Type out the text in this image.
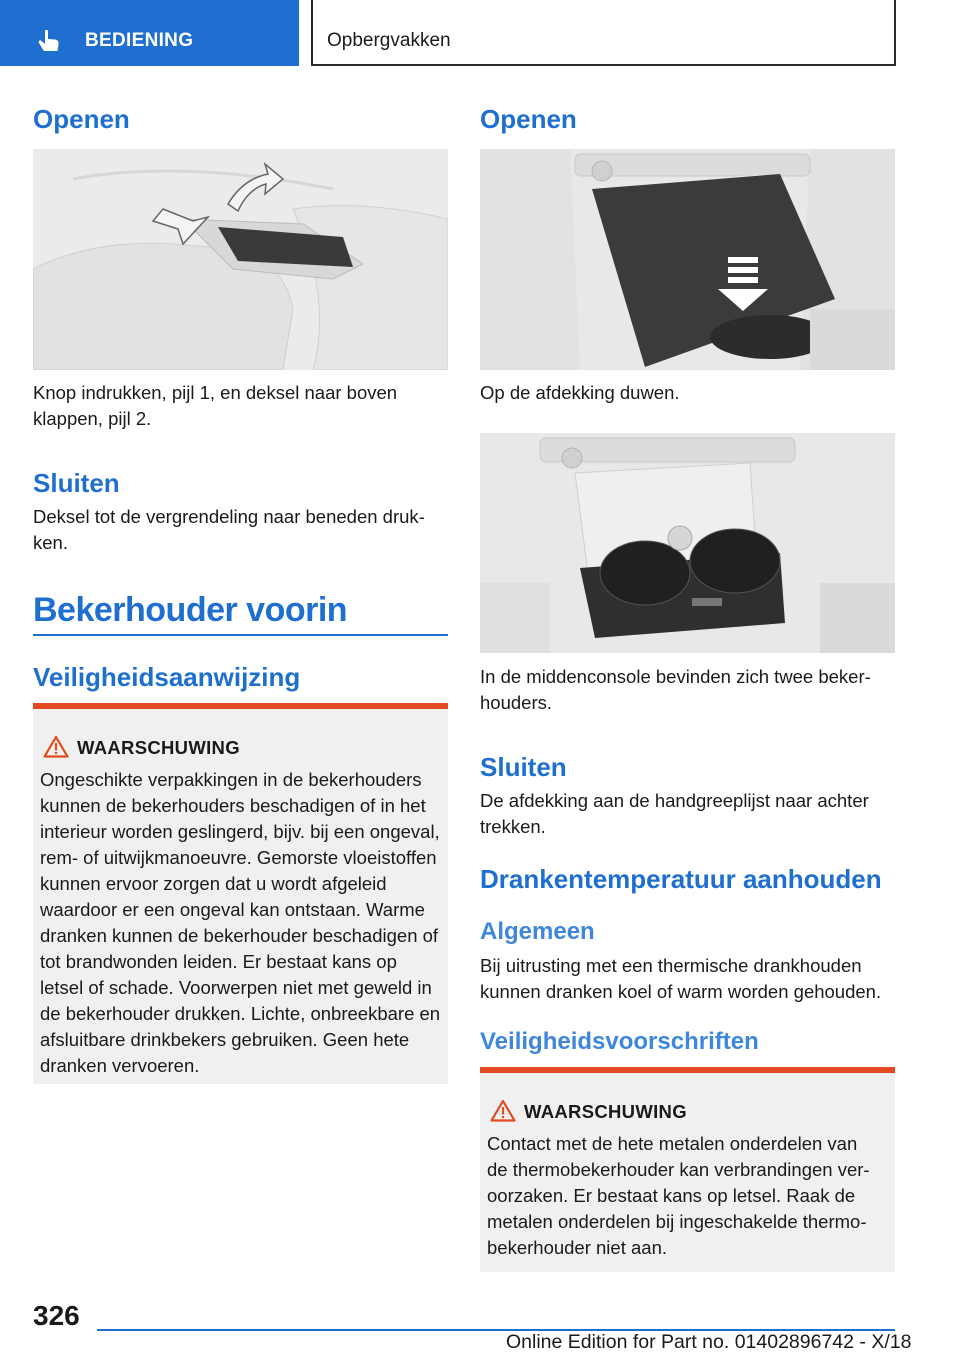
BEDIENING	Opbergvakken
Openen
Knop indrukken, pijl 1, en deksel naar boven klappen, pijl 2.
Sluiten
Deksel tot de vergrendeling naar beneden drukken.
Bekerhouder voorin
Veiligheidsaanwijzing
WAARSCHUWING
Ongeschikte verpakkingen in de bekerhouders kunnen de bekerhouders beschadigen of in het interieur worden geslingerd, bijv. bij een ongeval, rem- of uitwijkmanoeuvre. Gemorste vloeistoffen kunnen ervoor zorgen dat u wordt afgeleid waardoor er een ongeval kan ontstaan. Warme dranken kunnen de bekerhouder beschadigen of tot brandwonden leiden. Er bestaat kans op letsel of schade. Voorwerpen niet met geweld in de bekerhouder drukken. Lichte, onbreekbare en afsluitbare drinkbekers gebruiken. Geen hete dranken vervoeren.
Openen
Op de afdekking duwen.
In de middenconsole bevinden zich twee bekerhouders.
Sluiten
De afdekking aan de handgreeplijst naar achter trekken.
Drankentemperatuur aanhouden
Algemeen
Bij uitrusting met een thermische drankhouden kunnen dranken koel of warm worden gehouden.
Veiligheidsvoorschriften
WAARSCHUWING
Contact met de hete metalen onderdelen van de thermobekerhouder kan verbrandingen veroorzaken. Er bestaat kans op letsel. Raak de metalen onderdelen bij ingeschakelde thermobekerhouder niet aan.
326
Online Edition for Part no. 01402896742 - X/18
